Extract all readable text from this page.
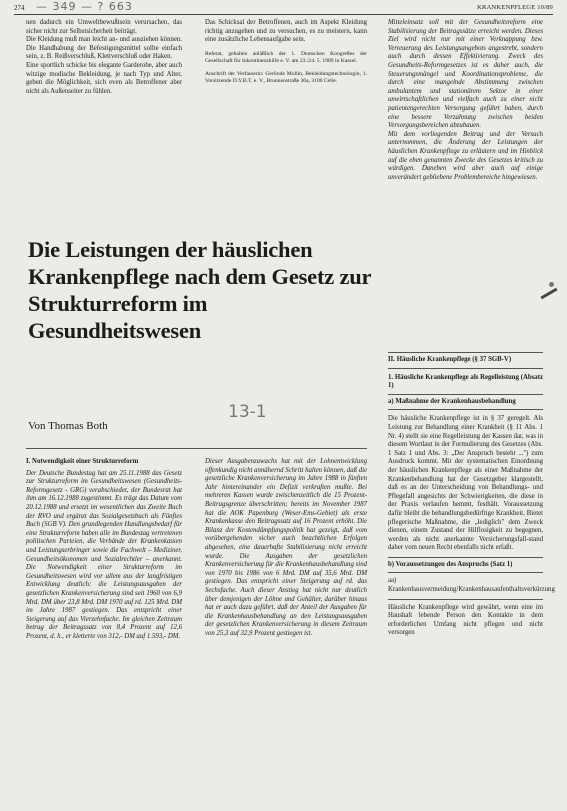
274 — 349 — ? 663	KRANKENPFLEGE 10/89

nen dadurch ein Umweltbewußtsein verursachen, das sicher nicht zur Selbstsicherheit beiträgt.

Die Kleidung muß man leicht an- und ausziehen können. Die Handhabung der Befestigungsmittel sollte einfach sein, z. B. Reißverschluß, Klettverschluß oder Haken.

Eine sportlich schicke bis elegante Garderobe, aber auch witzige modische Bekleidung, je nach Typ und Alter, geben die Möglichkeit, sich even als Betroffener aber nicht als Außenseiter zu fühlen.

Das Schicksal der Betroffenen, auch im Aspekt Kleidung richtig anzugehen und zu versuchen, es zu meistern, kann eine zusätzliche Lebensaufgabe sein.

Referat, gehalten anläßlich der 1. Deutschen Kongreßes der Gesellschaft für Inkontinenzhilfe e. V. am 23./24. 5. 1989 in Kassel.

Anschrift der Verfasserin: Gerlinde Mollin, Bekleidungstechnologin, 1. Vorsitzende D.Y.B.T. e. V., Brunnenstraße 36a, 3100 Celle.

Mitteleinsatz soll mit der Gesundheitsreform eine Stabilisierung der Beitragssätze erreicht werden. Dieses Ziel wird nicht nur mit einer Verknappung bzw. Verteuerung des Leistungsangebots angestrebt, sondern auch durch dessen Effektivierung. Zweck des Gesundheits-Reformgesetzes ist es daher auch, die Steuerungsmängel und Koordinationsprobleme, die durch eine mangelnde Abstimmung zwischen ambulantem und stationärem Sektor in einer unwirtschaftlichen und vielfach auch zu einer nicht patientengerechten Versorgung geführt haben, durch eine bessere Verzahnung zwischen beiden Versorgungsbereichen abzubauen.

Mit dem vorliegenden Beitrag und der Versuch unternommen, die Änderung der Leistungen der häuslichen Krankenpflege zu erläutern und im Hinblick auf die eben genannten Zwecke des Gesetzes kritisch zu würdigen. Daneben wird aber auch auf einige unverändert gebliebene Problembereiche hingewiesen.

Die Leistungen der häuslichen Krankenpflege nach dem Gesetz zur Strukturreform im Gesundheitswesen
13-1
Von Thomas Both
I. Notwendigkeit einer Strukturreform

Der Deutsche Bundestag hat am 25.11.1988 das Gesetz zur Strukturreform im Gesundheitswesen (Gesundheits-Reformgesetz - GRG) verabschiedet, der Bundesrat hat ihm am 16.12.1988 zugestimmt. Es trägt das Datum vom 20.12.1988 und ersetzt im wesentlichen das Zweite Buch der RVO und ergänzt das Sozialgesetzbuch als Fünftes Buch (SGB V). Den grundlegenden Handlungsbedarf für eine Strukturreform haben alle im Bundestag vertretenen politischen Parteien, die Verbände der Krankenkassen und Leistungserbringer sowie die Fachwelt – Mediziner, Gesundheitsökonomen und Sozialrechtler – anerkannt. Die Notwendigkeit einer Strukturreform im Gesundheitswesen wird vor allem aus der langfristigen Entwicklung deutlich: die Leistungsausgaben der gesetzlichen Krankenversicherung sind seit 1960 von 6,9 Mrd. DM über 23,8 Mrd. DM 1970 auf rd. 125 Mrd. DM im Jahre 1987 gestiegen. Das entspricht einer Steigerung auf das Vierzehnfache. Im gleichen Zeitraum betrug der Beitragssatz von 8,4 Prozent auf 12,6 Prozent, d. h., er kletterte von 312,- DM auf 1.593,- DM.

Dieser Ausgabenzuwachs hat mit der Lohnentwicklung offenkundig nicht annähernd Schritt halten können, daß die gesetzliche Krankenversicherung im Jahre 1988 in fünften Jahr hintereinander ein Defizit verkraften mußte. Bei mehreren Kassen wurde zwischenzeitlich die 15 Prozent-Beitragsgrenze überschritten; bereits im November 1987 hat die AOK Papenburg (Weser-Ems-Gebiet) als erste Krankenkasse den Beitragssatz auf 16 Prozent erhöht. Die Bilanz der Kostendämpfungspolitik hat gezeigt, daß vom vorübergehenden sicher auch beachtlichen Erfolgen abgesehen, eine dauerhafte Stabilisierung nicht erreicht wurde. Die Ausgaben der gesetzlichen Krankenversicherung für die Krankenhausbehandlung sind von 1970 bis 1986 von 6 Mrd. DM auf 35,6 Mrd. DM gestiegen. Das entspricht einer Steigerung auf rd. das Sechsfache. Auch dieser Anstieg hat nicht nur deutlich über demjenigen der Löhne und Gehälter, darüber hinaus hat er auch dazu geführt, daß der Anteil der Ausgaben für die Krankenhausbehandlung an den Leistungsausgaben der gesetzlichen Krankenversicherung in diesem Zeitraum von 25,3 auf 32,9 Prozent gestiegen ist.

II. Häusliche Krankenpflege (§ 37 SGB-V)
1. Häusliche Krankenpflege als Regelleistung (Absatz 1)
a) Maßnahme der Krankenhausbehandlung

Die häusliche Krankenpflege ist in § 37 geregelt. Als Leistung zur Behandlung einer Krankheit (§ 11 Abs. 1 Nr. 4) stellt sie eine Regelleistung der Kassen dar, was in diesem Wortlaut in der Formulierung des Gesetzes (Abs. 1 Satz 1 und Abs. 3: „Der Anspruch besteht ...") zum Ausdruck kommt. Mit der systematischen Einordnung der häuslichen Krankenpflege als einer Maßnahme der Krankenbehandlung hat der Gesetzgeber klargestellt, daß es an der Unterscheidung von Behandlungs- und Pflegefall angesichts der Schwierigkeiten, die diese in der Praxis verlaufen hemmt, festhält. Voraussetzung dafür bleibt die behandlungsbedürftige Krankheit. Bietet pflegerische Maßnahme, die „lediglich" dem Zweck dienen, einem Zustand der Hilflosigkeit zu begegnen, werden als nicht anerkannte Versicherungsfall-stand daher vom neuen Recht ebenfalls nicht erfaßt.

b) Voraussetzungen des Anspruchs (Satz 1)

aa) Krankenhausvermeidung/Krankenhausaufenthaltsverkürzung

Häusliche Krankenpflege wird gewährt, wenn eine im Haushalt lebende Person den Kontakte in dem erforderlichen Umfang nicht pflegen und nicht versorgen
